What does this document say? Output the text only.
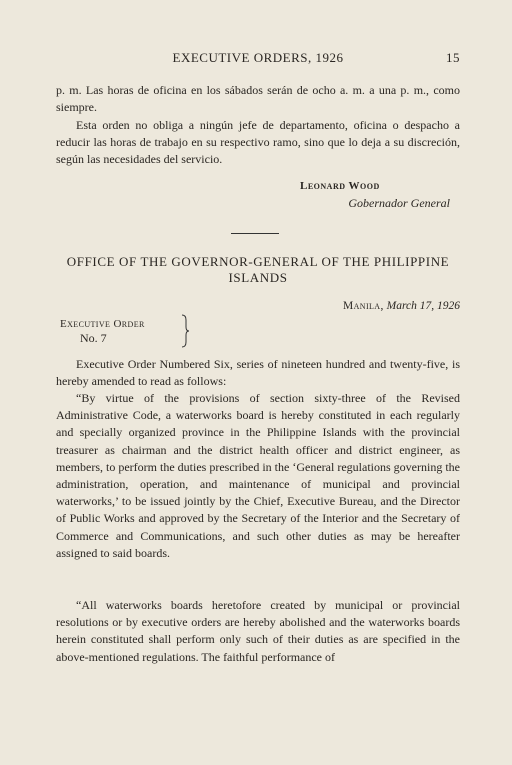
EXECUTIVE ORDERS, 1926	15

p. m. Las horas de oficina en los sábados serán de ocho a. m. a una p. m., como siempre.

Esta orden no obliga a ningún jefe de departamento, oficina o despacho a reducir las horas de trabajo en su respectivo ramo, sino que lo deja a su discreción, según las necesidades del servicio.

Leonard Wood
Gobernador General
OFFICE OF THE GOVERNOR-GENERAL OF THE PHILIPPINE ISLANDS
Manila, March 17, 1926
Executive Order
No. 7

Executive Order Numbered Six, series of nineteen hundred and twenty-five, is hereby amended to read as follows:

“By virtue of the provisions of section sixty-three of the Revised Administrative Code, a waterworks board is hereby constituted in each regularly and specially organized province in the Philippine Islands with the provincial treasurer as chairman and the district health officer and district engineer, as members, to perform the duties prescribed in the ‘General regulations governing the administration, operation, and maintenance of municipal and provincial waterworks,’ to be issued jointly by the Chief, Executive Bureau, and the Director of Public Works and approved by the Secretary of the Interior and the Secretary of Commerce and Communications, and such other duties as may be hereafter assigned to said boards.

“All waterworks boards heretofore created by municipal or provincial resolutions or by executive orders are hereby abolished and the waterworks boards herein constituted shall perform only such of their duties as are specified in the above-mentioned regulations. The faithful performance of
